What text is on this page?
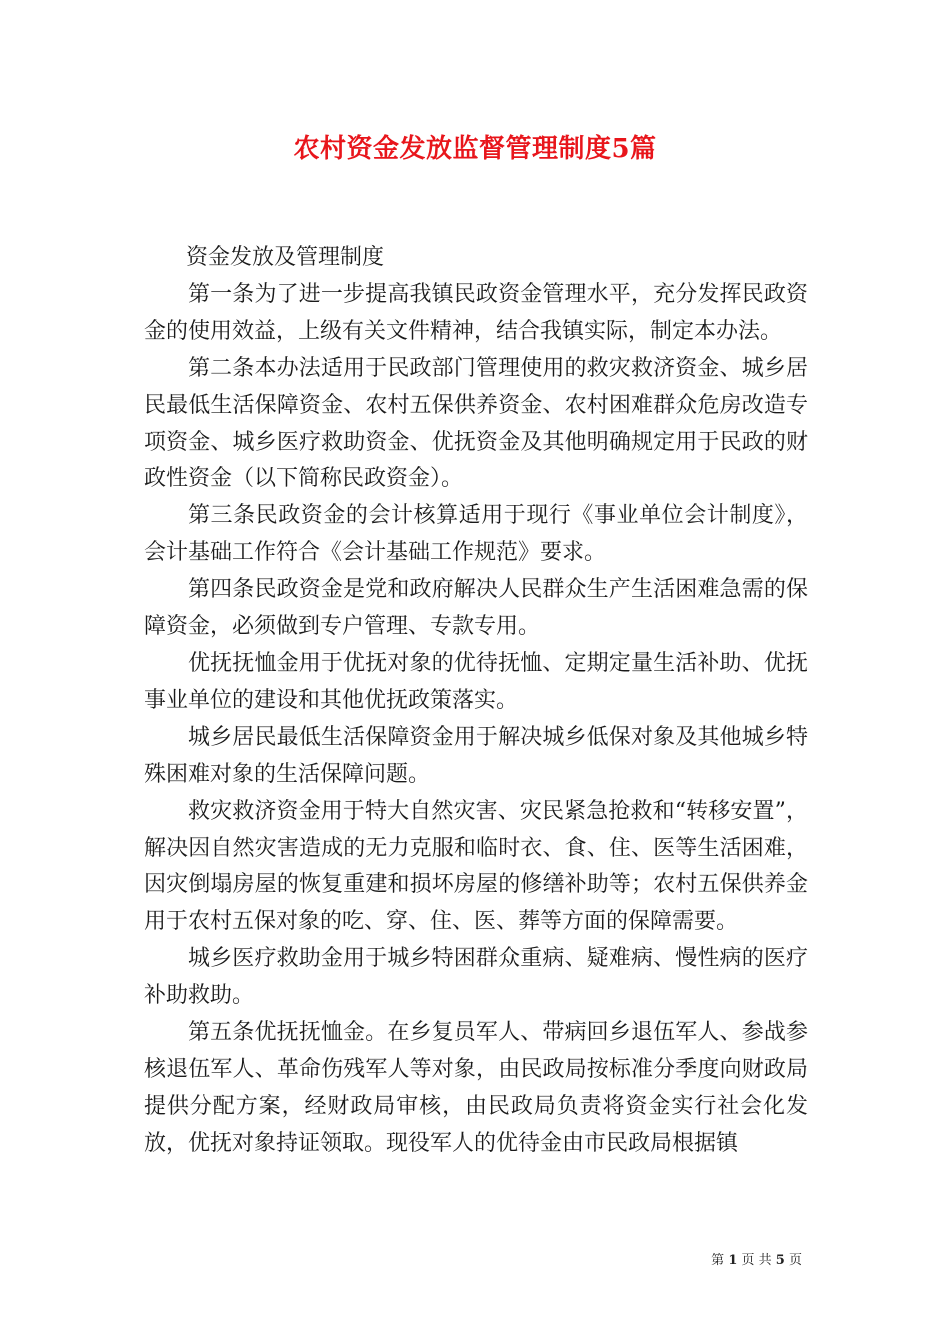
农村资金发放监督管理制度5篇

资金发放及管理制度

第一条为了进一步提高我镇民政资金管理水平，充分发挥民政资金的使用效益，上级有关文件精神，结合我镇实际，制定本办法。

第二条本办法适用于民政部门管理使用的救灾救济资金、城乡居民最低生活保障资金、农村五保供养资金、农村困难群众危房改造专项资金、城乡医疗救助资金、优抚资金及其他明确规定用于民政的财政性资金（以下简称民政资金）。

第三条民政资金的会计核算适用于现行《事业单位会计制度》，会计基础工作符合《会计基础工作规范》要求。

第四条民政资金是党和政府解决人民群众生产生活困难急需的保障资金，必须做到专户管理、专款专用。

优抚抚恤金用于优抚对象的优待抚恤、定期定量生活补助、优抚事业单位的建设和其他优抚政策落实。

城乡居民最低生活保障资金用于解决城乡低保对象及其他城乡特殊困难对象的生活保障问题。

救灾救济资金用于特大自然灾害、灾民紧急抢救和“转移安置”，解决因自然灾害造成的无力克服和临时衣、食、住、医等生活困难，因灾倒塌房屋的恢复重建和损坏房屋的修缮补助等；农村五保供养金用于农村五保对象的吃、穿、住、医、葬等方面的保障需要。

城乡医疗救助金用于城乡特困群众重病、疑难病、慢性病的医疗补助救助。

第五条优抚抚恤金。在乡复员军人、带病回乡退伍军人、参战参核退伍军人、革命伤残军人等对象，由民政局按标准分季度向财政局提供分配方案，经财政局审核，由民政局负责将资金实行社会化发放，优抚对象持证领取。现役军人的优待金由市民政局根据镇

第 1 页 共 5 页
